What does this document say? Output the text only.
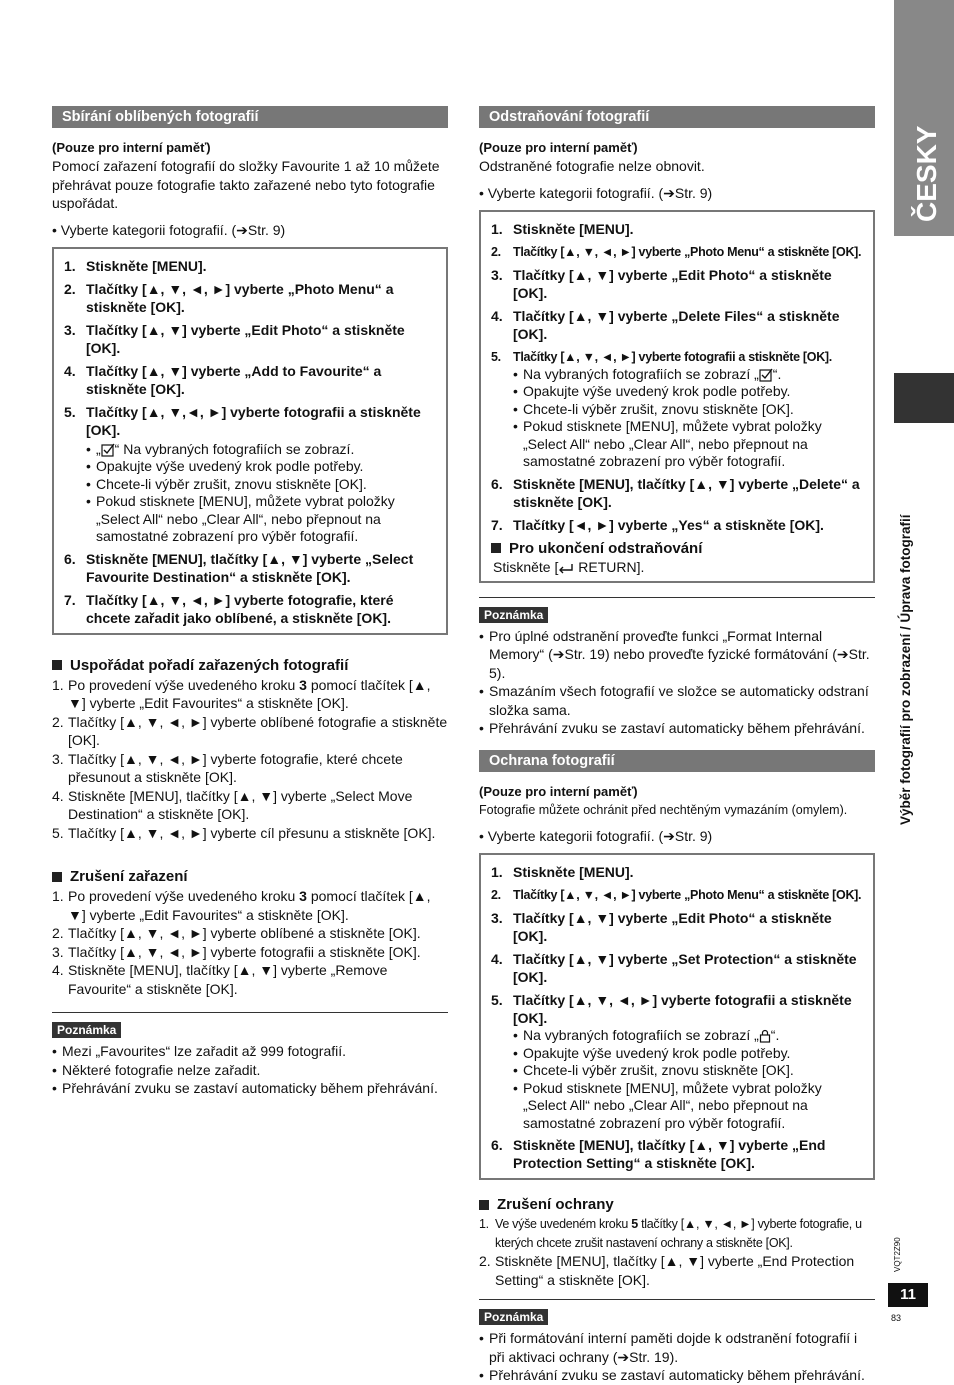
ČESKY
Výběr fotografií pro zobrazení / Úprava fotografií
VQT2Z90
11
83
Sbírání oblíbených fotografií
(Pouze pro interní paměť)
Pomocí zařazení fotografií do složky Favourite 1 až 10 můžete přehrávat pouze fotografie takto zařazené nebo tyto fotografie uspořádat.
• Vyberte kategorii fotografií. (➔Str. 9)
1. Stiskněte [MENU].
2. Tlačítky [▲, ▼, ◄, ►] vyberte „Photo Menu“ a stiskněte [OK].
3. Tlačítky [▲, ▼] vyberte „Edit Photo“ a stiskněte [OK].
4. Tlačítky [▲, ▼] vyberte „Add to Favourite“ a stiskněte [OK].
5. Tlačítky [▲, ▼,◄, ►] vyberte fotografii a stiskněte [OK].
• „ “ Na vybraných fotografiích se zobrazí.
• Opakujte výše uvedený krok podle potřeby.
• Chcete-li výběr zrušit, znovu stiskněte [OK].
• Pokud stisknete [MENU], můžete vybrat položky „Select All“ nebo „Clear All“, nebo přepnout na samostatné zobrazení pro výběr fotografií.
6. Stiskněte [MENU], tlačítky [▲, ▼] vyberte „Select Favourite Destination“ a stiskněte [OK].
7. Tlačítky [▲, ▼, ◄, ►] vyberte fotografie, které chcete zařadit jako oblíbené, a stiskněte [OK].
Uspořádat pořadí zařazených fotografií
1. Po provedení výše uvedeného kroku 3 pomocí tlačítek [▲, ▼] vyberte „Edit Favourites“ a stiskněte [OK].
2. Tlačítky [▲, ▼, ◄, ►] vyberte oblíbené fotografie a stiskněte [OK].
3. Tlačítky [▲, ▼, ◄, ►] vyberte fotografie, které chcete přesunout a stiskněte [OK].
4. Stiskněte [MENU], tlačítky [▲, ▼] vyberte „Select Move Destination“ a stiskněte [OK].
5. Tlačítky [▲, ▼, ◄, ►] vyberte cíl přesunu a stiskněte [OK].
Zrušení zařazení
1. Po provedení výše uvedeného kroku 3 pomocí tlačítek [▲, ▼] vyberte „Edit Favourites“ a stiskněte [OK].
2. Tlačítky [▲, ▼, ◄, ►] vyberte oblíbené a stiskněte [OK].
3. Tlačítky [▲, ▼, ◄, ►] vyberte fotografii a stiskněte [OK].
4. Stiskněte [MENU], tlačítky [▲, ▼] vyberte „Remove Favourite“ a stiskněte [OK].
Poznámka
• Mezi „Favourites“ lze zařadit až 999 fotografií.
• Některé fotografie nelze zařadit.
• Přehrávání zvuku se zastaví automaticky během přehrávání.
Odstraňování fotografií
(Pouze pro interní paměť)
Odstraněné fotografie nelze obnovit.
• Vyberte kategorii fotografií. (➔Str. 9)
1. Stiskněte [MENU].
2. Tlačítky [▲, ▼, ◄, ►] vyberte „Photo Menu“ a stiskněte [OK].
3. Tlačítky [▲, ▼] vyberte „Edit Photo“ a stiskněte [OK].
4. Tlačítky [▲, ▼] vyberte „Delete Files“ a stiskněte [OK].
5. Tlačítky [▲, ▼, ◄, ►] vyberte fotografii a stiskněte [OK].
• Na vybraných fotografiích se zobrazí „ “.
• Opakujte výše uvedený krok podle potřeby.
• Chcete-li výběr zrušit, znovu stiskněte [OK].
• Pokud stisknete [MENU], můžete vybrat položky „Select All“ nebo „Clear All“, nebo přepnout na samostatné zobrazení pro výběr fotografií.
6. Stiskněte [MENU], tlačítky [▲, ▼] vyberte „Delete“ a stiskněte [OK].
7. Tlačítky [◄, ►] vyberte „Yes“ a stiskněte [OK].
Pro ukončení odstraňování
Stiskněte [ RETURN].
Poznámka
• Pro úplné odstranění proveďte funkci „Format Internal Memory“ (➔Str. 19) nebo proveďte fyzické formátování (➔Str. 5).
• Smazáním všech fotografií ve složce se automaticky odstraní složka sama.
• Přehrávání zvuku se zastaví automaticky během přehrávání.
Ochrana fotografií
(Pouze pro interní paměť)
Fotografie můžete ochránit před nechtěným vymazáním (omylem).
• Vyberte kategorii fotografií. (➔Str. 9)
1. Stiskněte [MENU].
2. Tlačítky [▲, ▼, ◄, ►] vyberte „Photo Menu“ a stiskněte [OK].
3. Tlačítky [▲, ▼] vyberte „Edit Photo“ a stiskněte [OK].
4. Tlačítky [▲, ▼] vyberte „Set Protection“ a stiskněte [OK].
5. Tlačítky [▲, ▼, ◄, ►] vyberte fotografii a stiskněte [OK].
• Na vybraných fotografiích se zobrazí „ “.
• Opakujte výše uvedený krok podle potřeby.
• Chcete-li výběr zrušit, znovu stiskněte [OK].
• Pokud stisknete [MENU], můžete vybrat položky „Select All“ nebo „Clear All“, nebo přepnout na samostatné zobrazení pro výběr fotografií.
6. Stiskněte [MENU], tlačítky [▲, ▼] vyberte „End Protection Setting“ a stiskněte [OK].
Zrušení ochrany
1. Ve výše uvedeném kroku 5 tlačítky [▲, ▼, ◄, ►] vyberte fotografie, u kterých chcete zrušit nastavení ochrany a stiskněte [OK].
2. Stiskněte [MENU], tlačítky [▲, ▼] vyberte „End Protection Setting“ a stiskněte [OK].
Poznámka
• Při formátování interní paměti dojde k odstranění fotografií i při aktivaci ochrany (➔Str. 19).
• Přehrávání zvuku se zastaví automaticky během přehrávání.
